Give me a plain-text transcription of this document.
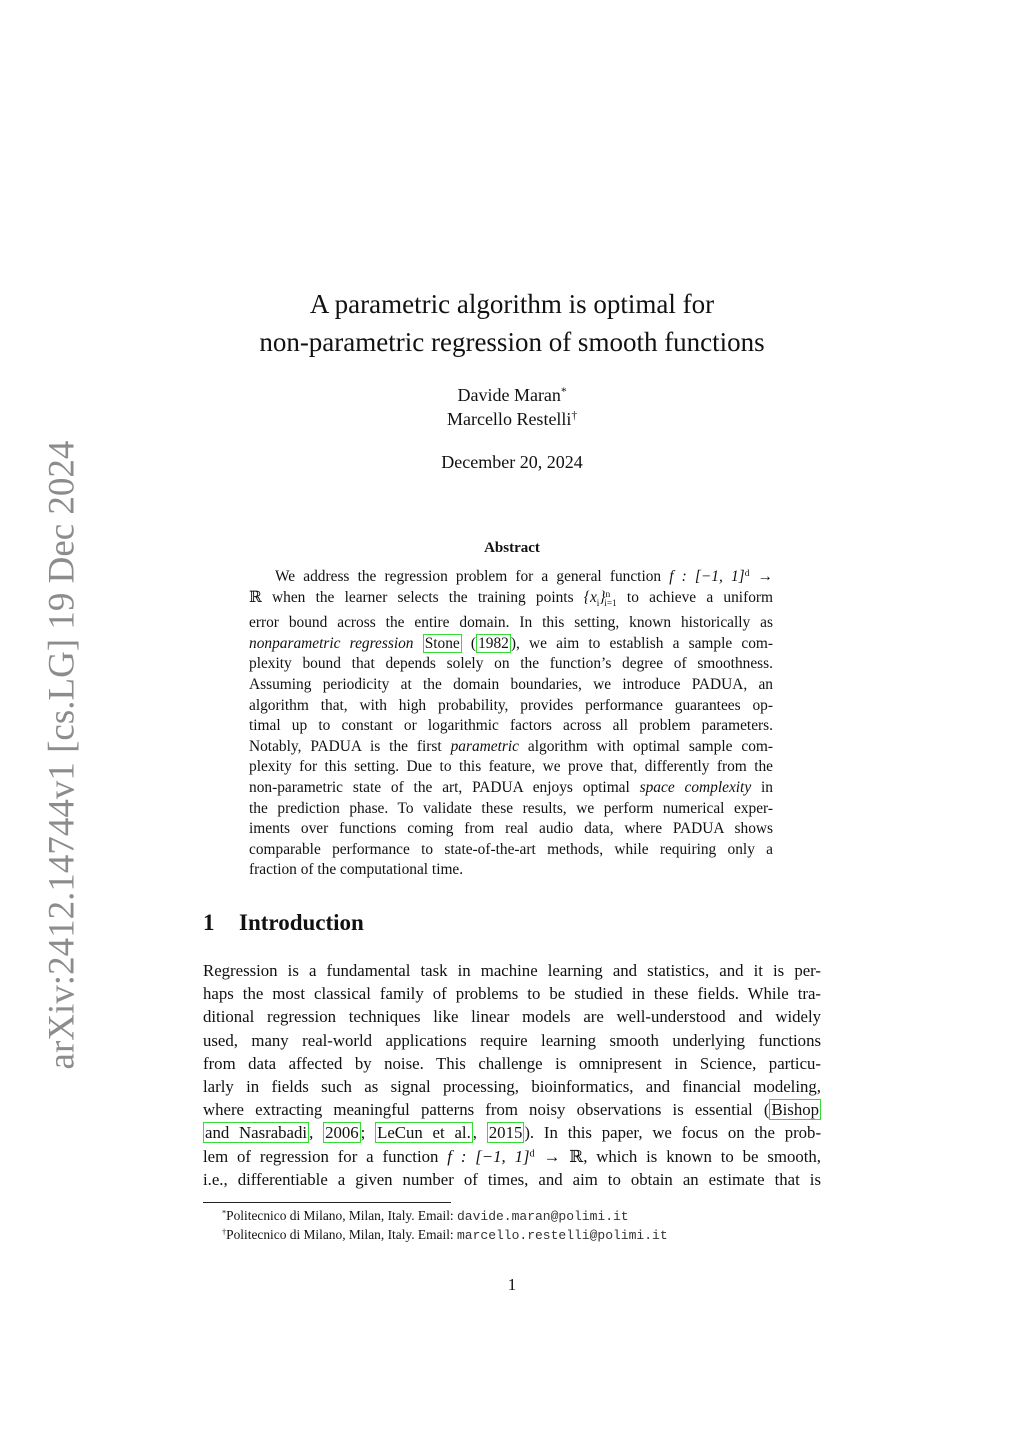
arXiv:2412.14744v1 [cs.LG] 19 Dec 2024
A parametric algorithm is optimal for
non-parametric regression of smooth functions
Davide Maran*
Marcello Restelli†
December 20, 2024
Abstract
We address the regression problem for a general function f : [−1, 1]$^d$ →
ℝ when the learner selects the training points $\{x_i\}^n_{i=1}$ to achieve a uniform
error bound across the entire domain. In this setting, known historically as
nonparametric regression Stone ( 1982 ), we aim to establish a sample com-
plexity bound that depends solely on the function’s degree of smoothness.
Assuming periodicity at the domain boundaries, we introduce PADUA, an
algorithm that, with high probability, provides performance guarantees op-
timal up to constant or logarithmic factors across all problem parameters.
Notably, PADUA is the first parametric algorithm with optimal sample com-
plexity for this setting. Due to this feature, we prove that, differently from the
non-parametric state of the art, PADUA enjoys optimal space complexity in
the prediction phase. To validate these results, we perform numerical exper-
iments over functions coming from real audio data, where PADUA shows
comparable performance to state-of-the-art methods, while requiring only a
fraction of the computational time.
1 Introduction
Regression is a fundamental task in machine learning and statistics, and it is per-
haps the most classical family of problems to be studied in these fields. While tra-
ditional regression techniques like linear models are well-understood and widely
used, many real-world applications require learning smooth underlying functions
from data affected by noise. This challenge is omnipresent in Science, particu-
larly in fields such as signal processing, bioinformatics, and financial modeling,
where extracting meaningful patterns from noisy observations is essential ( Bishop
and Nasrabadi , 2006 ; LeCun et al. , 2015 ). In this paper, we focus on the prob-
lem of regression for a function f : [−1, 1]$^d$ → ℝ, which is known to be smooth,
i.e., differentiable a given number of times, and aim to obtain an estimate that is
*Politecnico di Milano, Milan, Italy. Email: davide.maran@polimi.it
†Politecnico di Milano, Milan, Italy. Email: marcello.restelli@polimi.it
1
